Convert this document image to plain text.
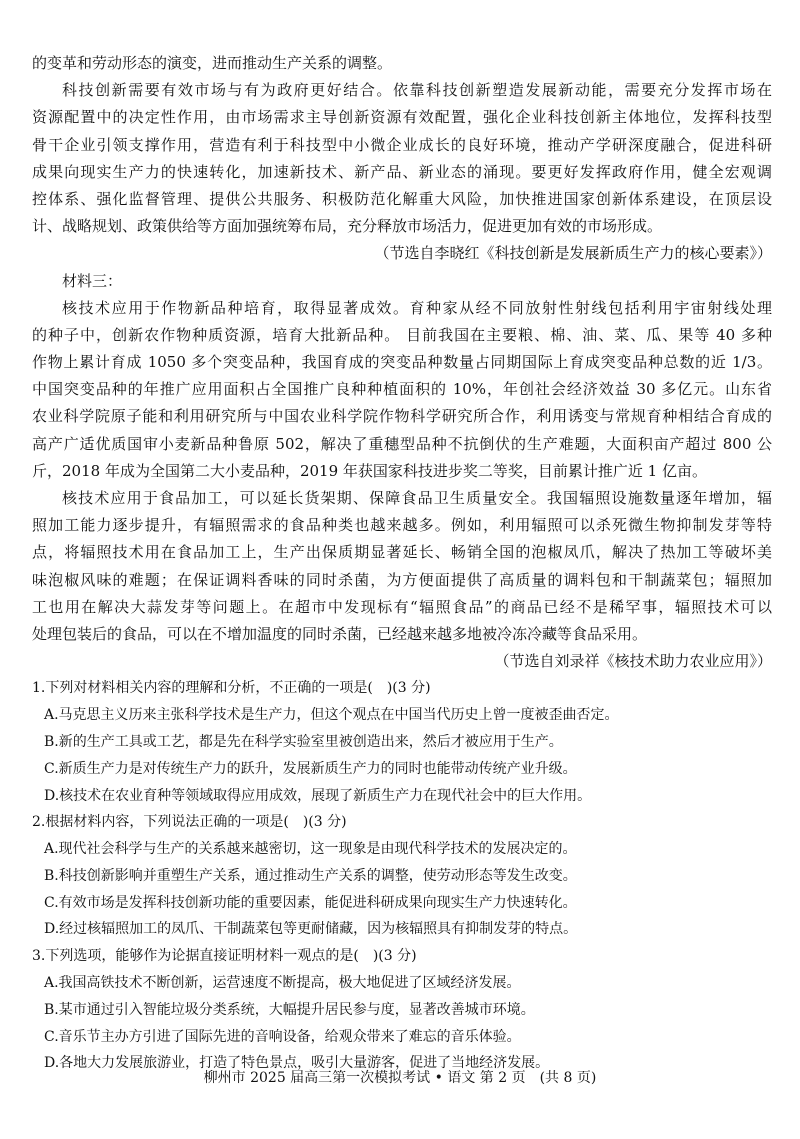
的变革和劳动形态的演变，进而推动生产关系的调整。
科技创新需要有效市场与有为政府更好结合。依靠科技创新塑造发展新动能，需要充分发挥市场在
资源配置中的决定性作用，由市场需求主导创新资源有效配置，强化企业科技创新主体地位，发挥科技型
骨干企业引领支撑作用，营造有利于科技型中小微企业成长的良好环境，推动产学研深度融合，促进科研
成果向现实生产力的快速转化，加速新技术、新产品、新业态的涌现。要更好发挥政府作用，健全宏观调
控体系、强化监督管理、提供公共服务、积极防范化解重大风险，加快推进国家创新体系建设，在顶层设
计、战略规划、政策供给等方面加强统筹布局，充分释放市场活力，促进更加有效的市场形成。
（节选自李晓红《科技创新是发展新质生产力的核心要素》）
材料三：
核技术应用于作物新品种培育，取得显著成效。育种家从经不同放射性射线包括利用宇宙射线处理
的种子中，创新农作物种质资源，培育大批新品种。 目前我国在主要粮、棉、油、菜、瓜、果等 40 多种
作物上累计育成 1050 多个突变品种，我国育成的突变品种数量占同期国际上育成突变品种总数的近 1/3。
中国突变品种的年推广应用面积占全国推广良种种植面积的 10%，年创社会经济效益 30 多亿元。山东省
农业科学院原子能和利用研究所与中国农业科学院作物科学研究所合作，利用诱变与常规育种相结合育成的
高产广适优质国审小麦新品种鲁原 502，解决了重穗型品种不抗倒伏的生产难题，大面积亩产超过 800 公
斤，2018 年成为全国第二大小麦品种，2019 年获国家科技进步奖二等奖，目前累计推广近 1 亿亩。
核技术应用于食品加工，可以延长货架期、保障食品卫生质量安全。我国辐照设施数量逐年增加，辐
照加工能力逐步提升，有辐照需求的食品种类也越来越多。例如，利用辐照可以杀死微生物抑制发芽等特
点，将辐照技术用在食品加工上，生产出保质期显著延长、畅销全国的泡椒凤爪，解决了热加工等破坏美
味泡椒风味的难题；在保证调料香味的同时杀菌，为方便面提供了高质量的调料包和干制蔬菜包；辐照加
工也用在解决大蒜发芽等问题上。在超市中发现标有“辐照食品”的商品已经不是稀罕事，辐照技术可以
处理包装后的食品，可以在不增加温度的同时杀菌，已经越来越多地被冷冻冷藏等食品采用。
（节选自刘录祥《核技术助力农业应用》）
1.下列对材料相关内容的理解和分析，不正确的一项是(　)(3 分)
A.马克思主义历来主张科学技术是生产力，但这个观点在中国当代历史上曾一度被歪曲否定。
B.新的生产工具或工艺，都是先在科学实验室里被创造出来，然后才被应用于生产。
C.新质生产力是对传统生产力的跃升，发展新质生产力的同时也能带动传统产业升级。
D.核技术在农业育种等领域取得应用成效，展现了新质生产力在现代社会中的巨大作用。
2.根据材料内容，下列说法正确的一项是(　)(3 分)
A.现代社会科学与生产的关系越来越密切，这一现象是由现代科学技术的发展决定的。
B.科技创新影响并重塑生产关系，通过推动生产关系的调整，使劳动形态等发生改变。
C.有效市场是发挥科技创新功能的重要因素，能促进科研成果向现实生产力快速转化。
D.经过核辐照加工的凤爪、干制蔬菜包等更耐储藏，因为核辐照具有抑制发芽的特点。
3.下列选项，能够作为论据直接证明材料一观点的是(　)(3 分)
A.我国高铁技术不断创新，运营速度不断提高，极大地促进了区域经济发展。
B.某市通过引入智能垃圾分类系统，大幅提升居民参与度，显著改善城市环境。
C.音乐节主办方引进了国际先进的音响设备，给观众带来了难忘的音乐体验。
D.各地大力发展旅游业，打造了特色景点，吸引大量游客，促进了当地经济发展。
柳州市 2025 届高三第一次模拟考试 • 语文 第 2 页　(共 8 页)
